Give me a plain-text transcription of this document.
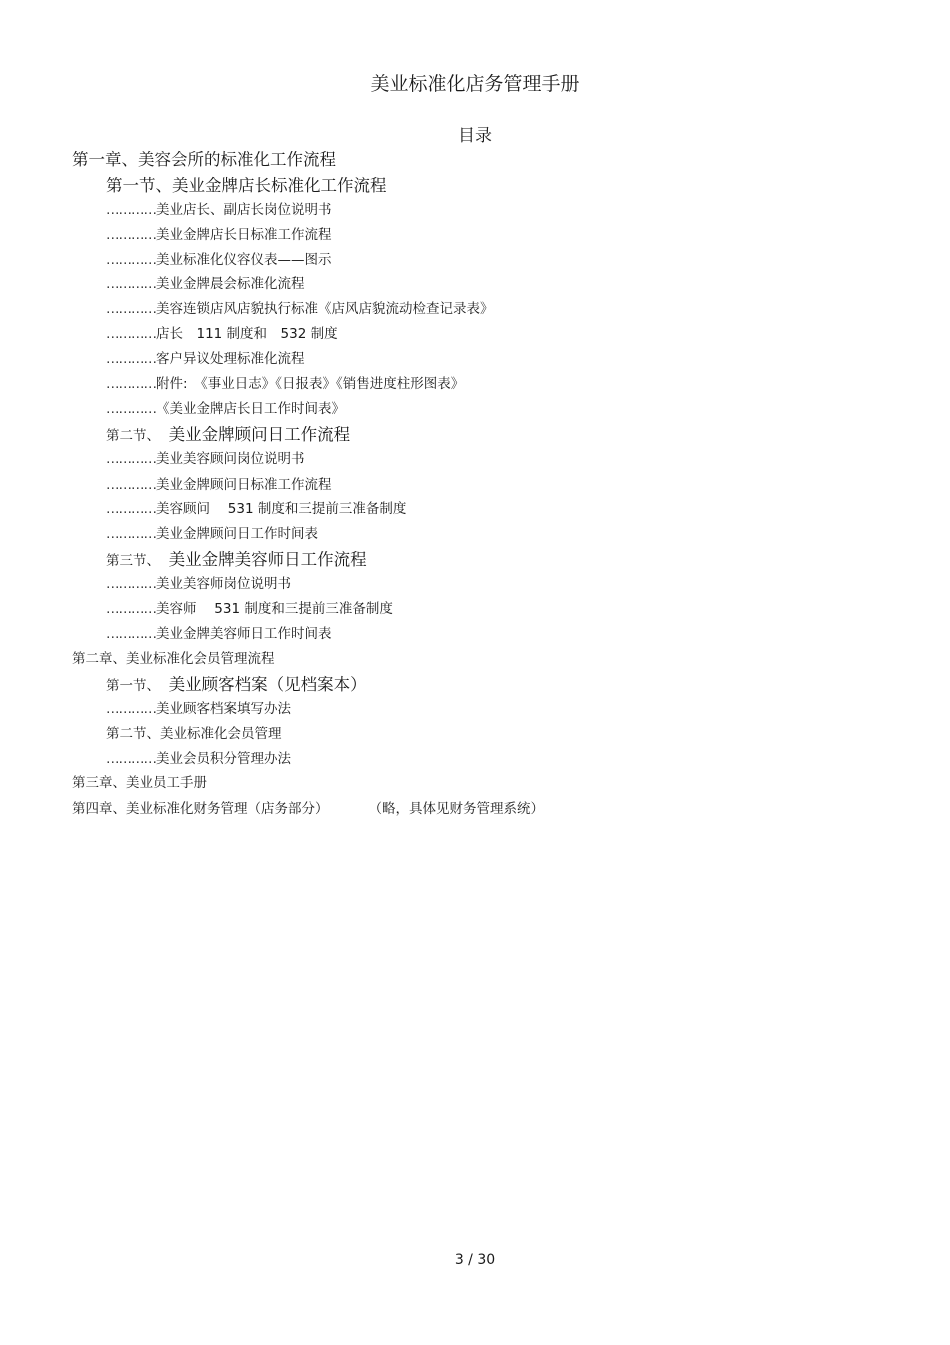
美业标准化店务管理手册
目录
第一章、美容会所的标准化工作流程
第一节、美业金牌店长标准化工作流程
…………美业店长、副店长岗位说明书
…………美业金牌店长日标准工作流程
…………美业标准化仪容仪表——图示
…………美业金牌晨会标准化流程
…………美容连锁店风店貌执行标准《店风店貌流动检查记录表》
…………店长　111 制度和　532 制度
…………客户异议处理标准化流程
…………附件:　《事业日志》《日报表》《销售进度柱形图表》
…………《美业金牌店长日工作时间表》
第二节、 美业金牌顾问日工作流程
…………美业美容顾问岗位说明书
…………美业金牌顾问日标准工作流程
…………美容顾问　 531 制度和三提前三准备制度
…………美业金牌顾问日工作时间表
第三节、 美业金牌美容师日工作流程
…………美业美容师岗位说明书
…………美容师　 531 制度和三提前三准备制度
…………美业金牌美容师日工作时间表
第二章、美业标准化会员管理流程
第一节、 美业顾客档案（见档案本）
…………美业顾客档案填写办法
第二节、美业标准化会员管理
…………美业会员积分管理办法
第三章、美业员工手册
第四章、美业标准化财务管理（店务部分）	（略，具体见财务管理系统）
3 / 30
